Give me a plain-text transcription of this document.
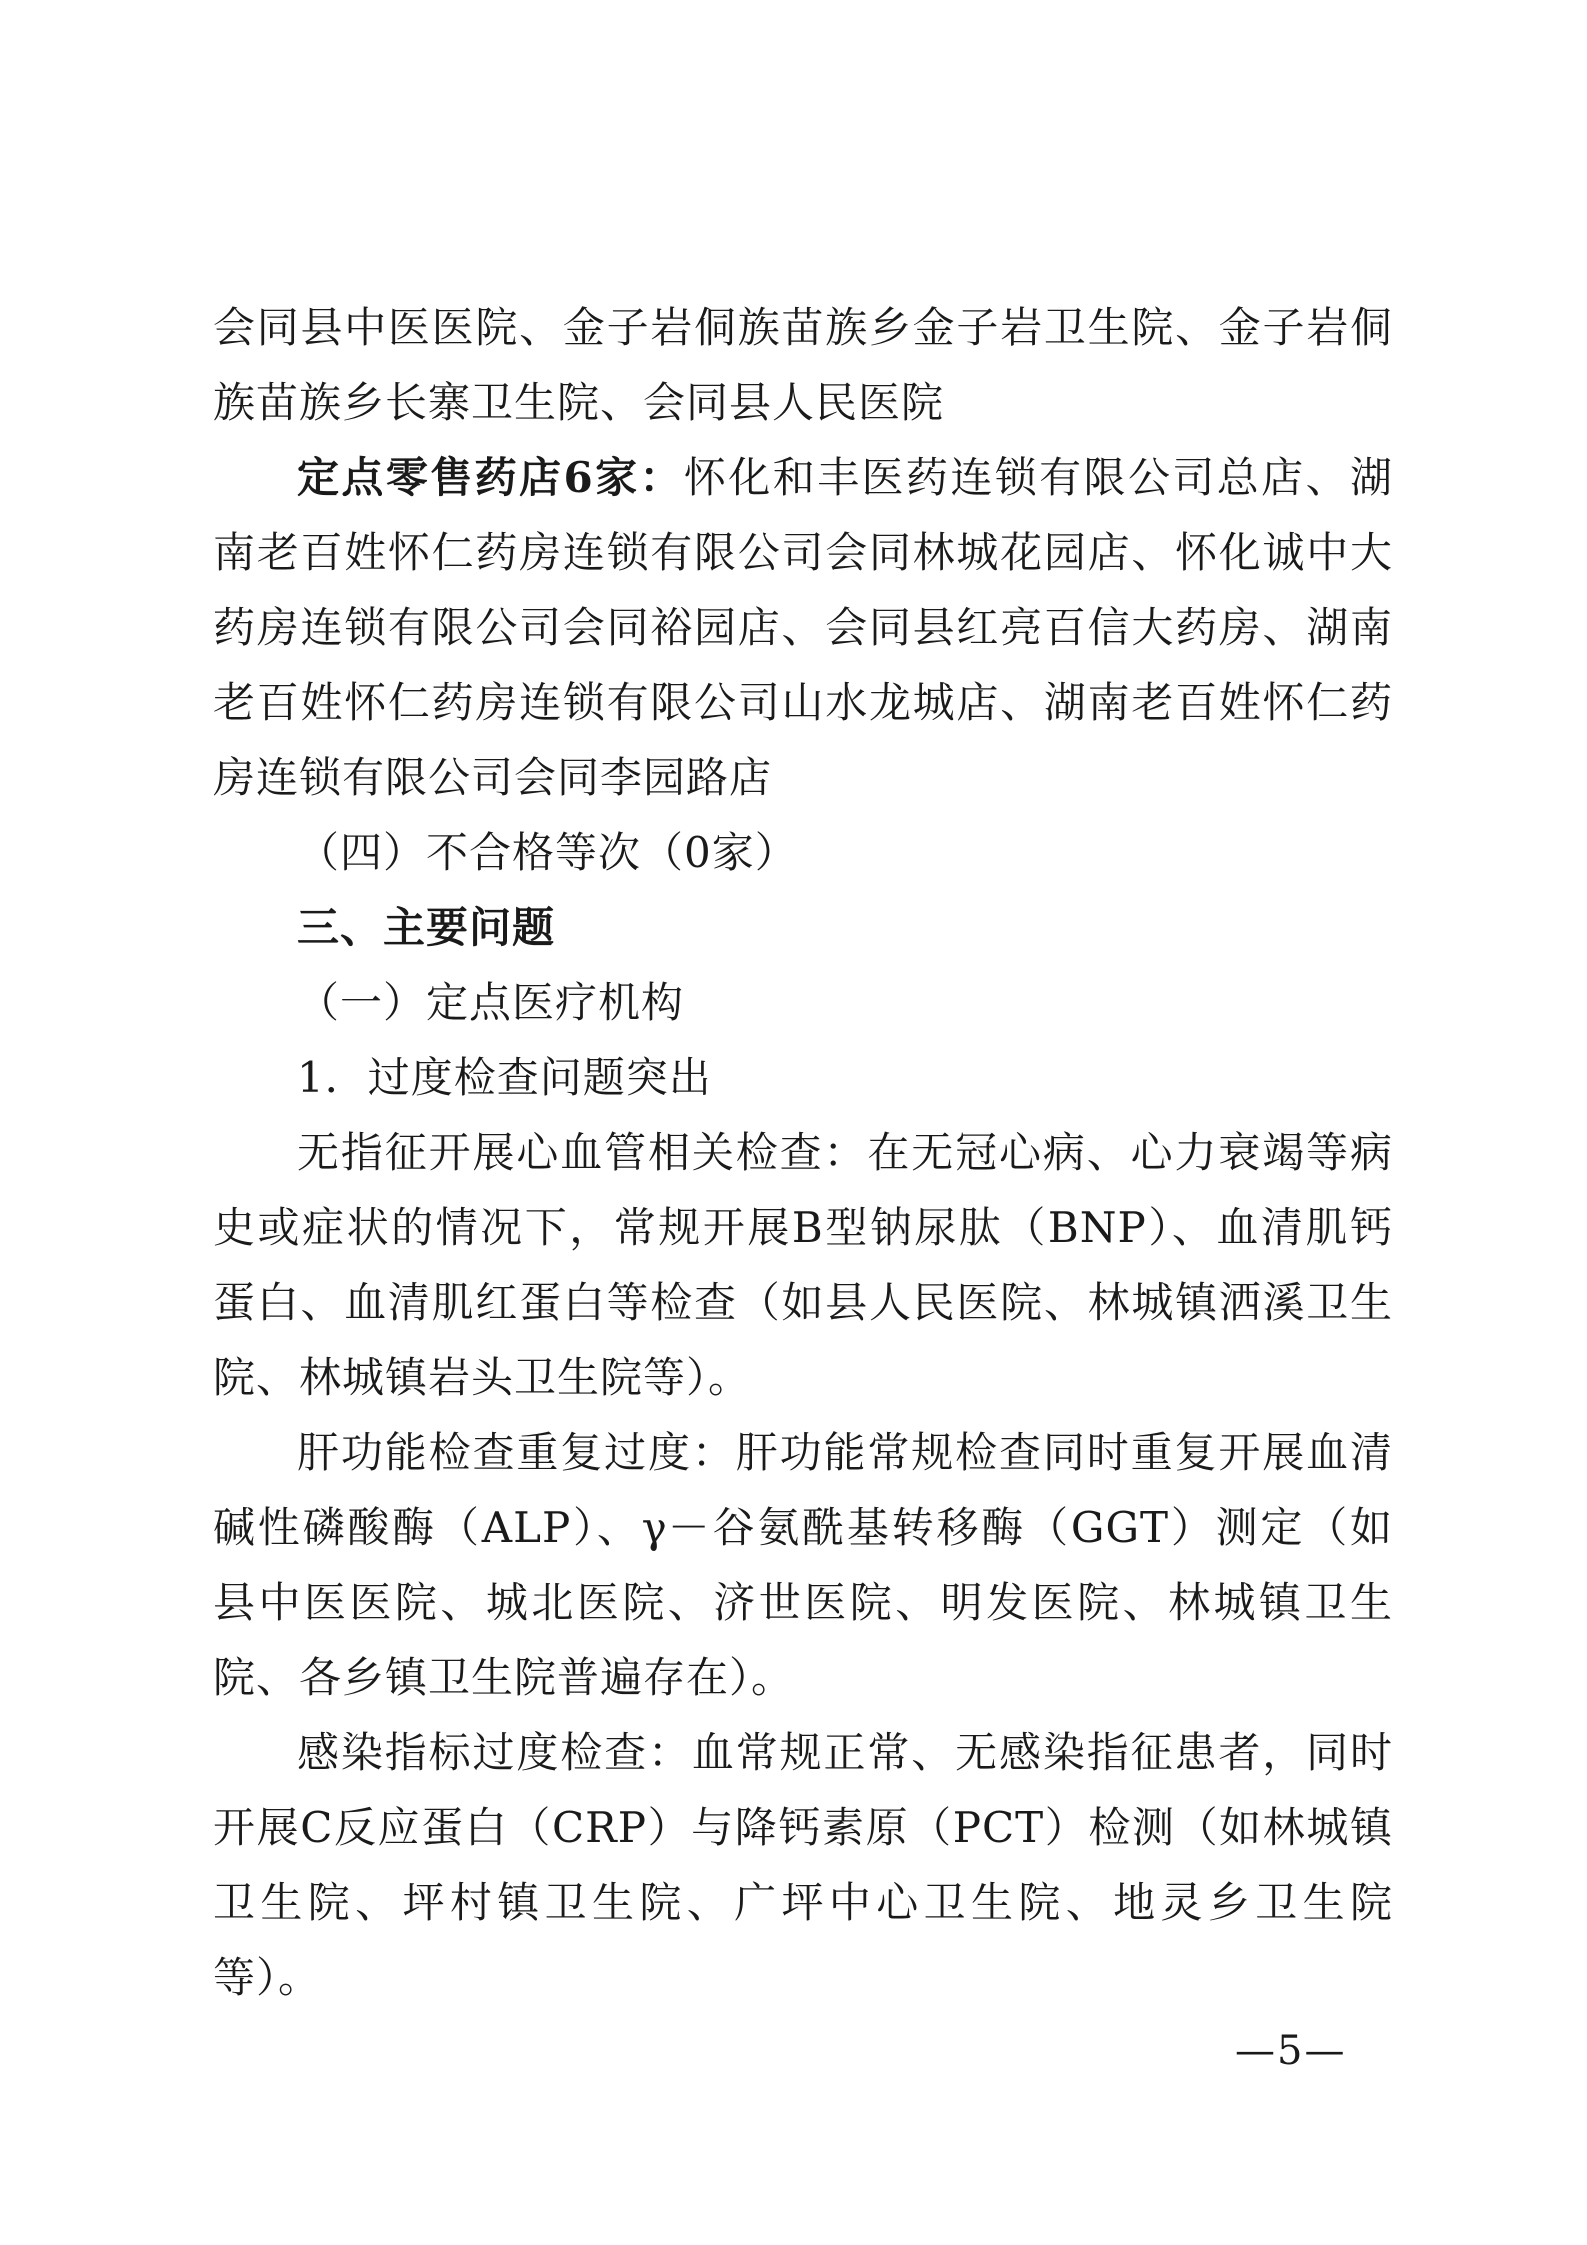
会同县中医医院、金子岩侗族苗族乡金子岩卫生院、金子岩侗族苗族乡长寨卫生院、会同县人民医院

定点零售药店6家：怀化和丰医药连锁有限公司总店、湖南老百姓怀仁药房连锁有限公司会同林城花园店、怀化诚中大药房连锁有限公司会同裕园店、会同县红亮百信大药房、湖南老百姓怀仁药房连锁有限公司山水龙城店、湖南老百姓怀仁药房连锁有限公司会同李园路店

（四）不合格等次（0家）

三、主要问题

（一）定点医疗机构

1．过度检查问题突出

无指征开展心血管相关检查：在无冠心病、心力衰竭等病史或症状的情况下，常规开展B型钠尿肽（BNP）、血清肌钙蛋白、血清肌红蛋白等检查（如县人民医院、林城镇洒溪卫生院、林城镇岩头卫生院等）。

肝功能检查重复过度：肝功能常规检查同时重复开展血清碱性磷酸酶（ALP）、γ－谷氨酰基转移酶（GGT）测定（如县中医医院、城北医院、济世医院、明发医院、林城镇卫生院、各乡镇卫生院普遍存在）。

感染指标过度检查：血常规正常、无感染指征患者，同时开展C反应蛋白（CRP）与降钙素原（PCT）检测（如林城镇卫生院、坪村镇卫生院、广坪中心卫生院、地灵乡卫生院等）。

—5—
